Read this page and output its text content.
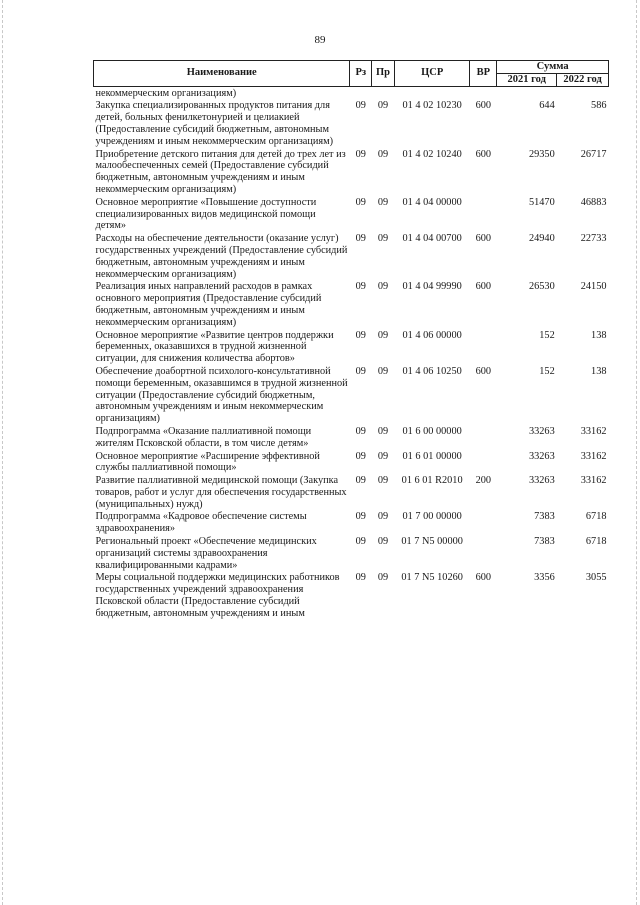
89
Наименование	Рз	Пр	ЦСР	ВР	Сумма	
					2021 год	2022 год
некоммерческим организациям)						
Закупка специализированных продуктов питания для детей, больных фенилкетонурией и целиакией (Предоставление субсидий бюджетным, автономным учреждениям и иным некоммерческим организациям)	09	09	01 4 02 10230	600	644	586
Приобретение детского питания для детей до трех лет из малообеспеченных семей (Предоставление субсидий бюджетным, автономным учреждениям и иным некоммерческим организациям)	09	09	01 4 02 10240	600	29350	26717
Основное мероприятие «Повышение доступности специализированных видов медицинской помощи детям»	09	09	01 4 04 00000		51470	46883
Расходы на обеспечение деятельности (оказание услуг) государственных учреждений (Предоставление субсидий бюджетным, автономным учреждениям и иным некоммерческим организациям)	09	09	01 4 04 00700	600	24940	22733
Реализация иных направлений расходов в рамках основного мероприятия (Предоставление субсидий бюджетным, автономным учреждениям и иным некоммерческим организациям)	09	09	01 4 04 99990	600	26530	24150
Основное мероприятие «Развитие центров поддержки беременных, оказавшихся в трудной жизненной ситуации, для снижения количества абортов»	09	09	01 4 06 00000		152	138
Обеспечение доабортной психолого-консультативной помощи беременным, оказавшимся в трудной жизненной ситуации (Предоставление субсидий бюджетным, автономным учреждениям и иным некоммерческим организациям)	09	09	01 4 06 10250	600	152	138
Подпрограмма «Оказание паллиативной помощи жителям Псковской области, в том числе детям»	09	09	01 6 00 00000		33263	33162
Основное мероприятие «Расширение эффективной службы паллиативной помощи»	09	09	01 6 01 00000		33263	33162
Развитие паллиативной медицинской помощи (Закупка товаров, работ и услуг для обеспечения государственных (муниципальных) нужд)	09	09	01 6 01 R2010	200	33263	33162
Подпрограмма «Кадровое обеспечение системы здравоохранения»	09	09	01 7 00 00000		7383	6718
Региональный проект «Обеспечение медицинских организаций системы здравоохранения квалифицированными кадрами»	09	09	01 7 N5 00000		7383	6718
Меры социальной поддержки медицинских работников государственных учреждений здравоохранения Псковской области (Предоставление субсидий бюджетным, автономным учреждениям и иным	09	09	01 7 N5 10260	600	3356	3055
